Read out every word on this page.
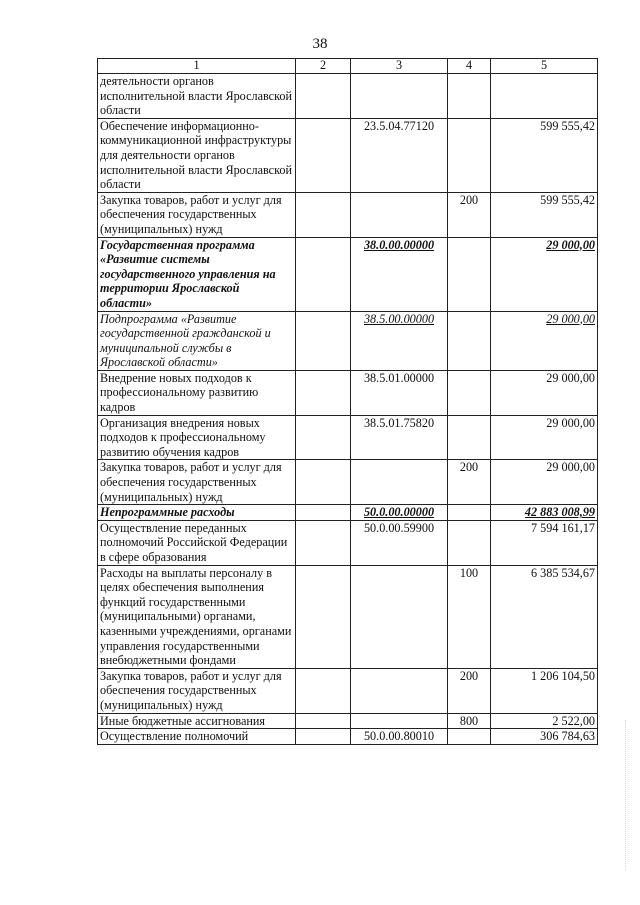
38
1	2	3	4	5
деятельности органов исполнительной власти Ярославской области				
Обеспечение информационно-коммуникационной инфраструктуры для деятельности органов исполнительной власти Ярославской области		23.5.04.77120		599 555,42
Закупка товаров, работ и услуг для обеспечения государственных (муниципальных) нужд			200	599 555,42
Государственная программа «Развитие системы государственного управления на территории Ярославской области»		38.0.00.00000		29 000,00
Подпрограмма «Развитие государственной гражданской и муниципальной службы в Ярославской области»		38.5.00.00000		29 000,00
Внедрение новых подходов к профессиональному развитию кадров		38.5.01.00000		29 000,00
Организация внедрения новых подходов к профессиональному развитию обучения кадров		38.5.01.75820		29 000,00
Закупка товаров, работ и услуг для обеспечения государственных (муниципальных) нужд			200	29 000,00
Непрограммные расходы		50.0.00.00000		42 883 008,99
Осуществление переданных полномочий Российской Федерации в сфере образования		50.0.00.59900		7 594 161,17
Расходы на выплаты персоналу в целях обеспечения выполнения функций государственными (муниципальными) органами, казенными учреждениями, органами управления государственными внебюджетными фондами			100	6 385 534,67
Закупка товаров, работ и услуг для обеспечения государственных (муниципальных) нужд			200	1 206 104,50
Иные бюджетные ассигнования			800	2 522,00
Осуществление полномочий		50.0.00.80010		306 784,63
